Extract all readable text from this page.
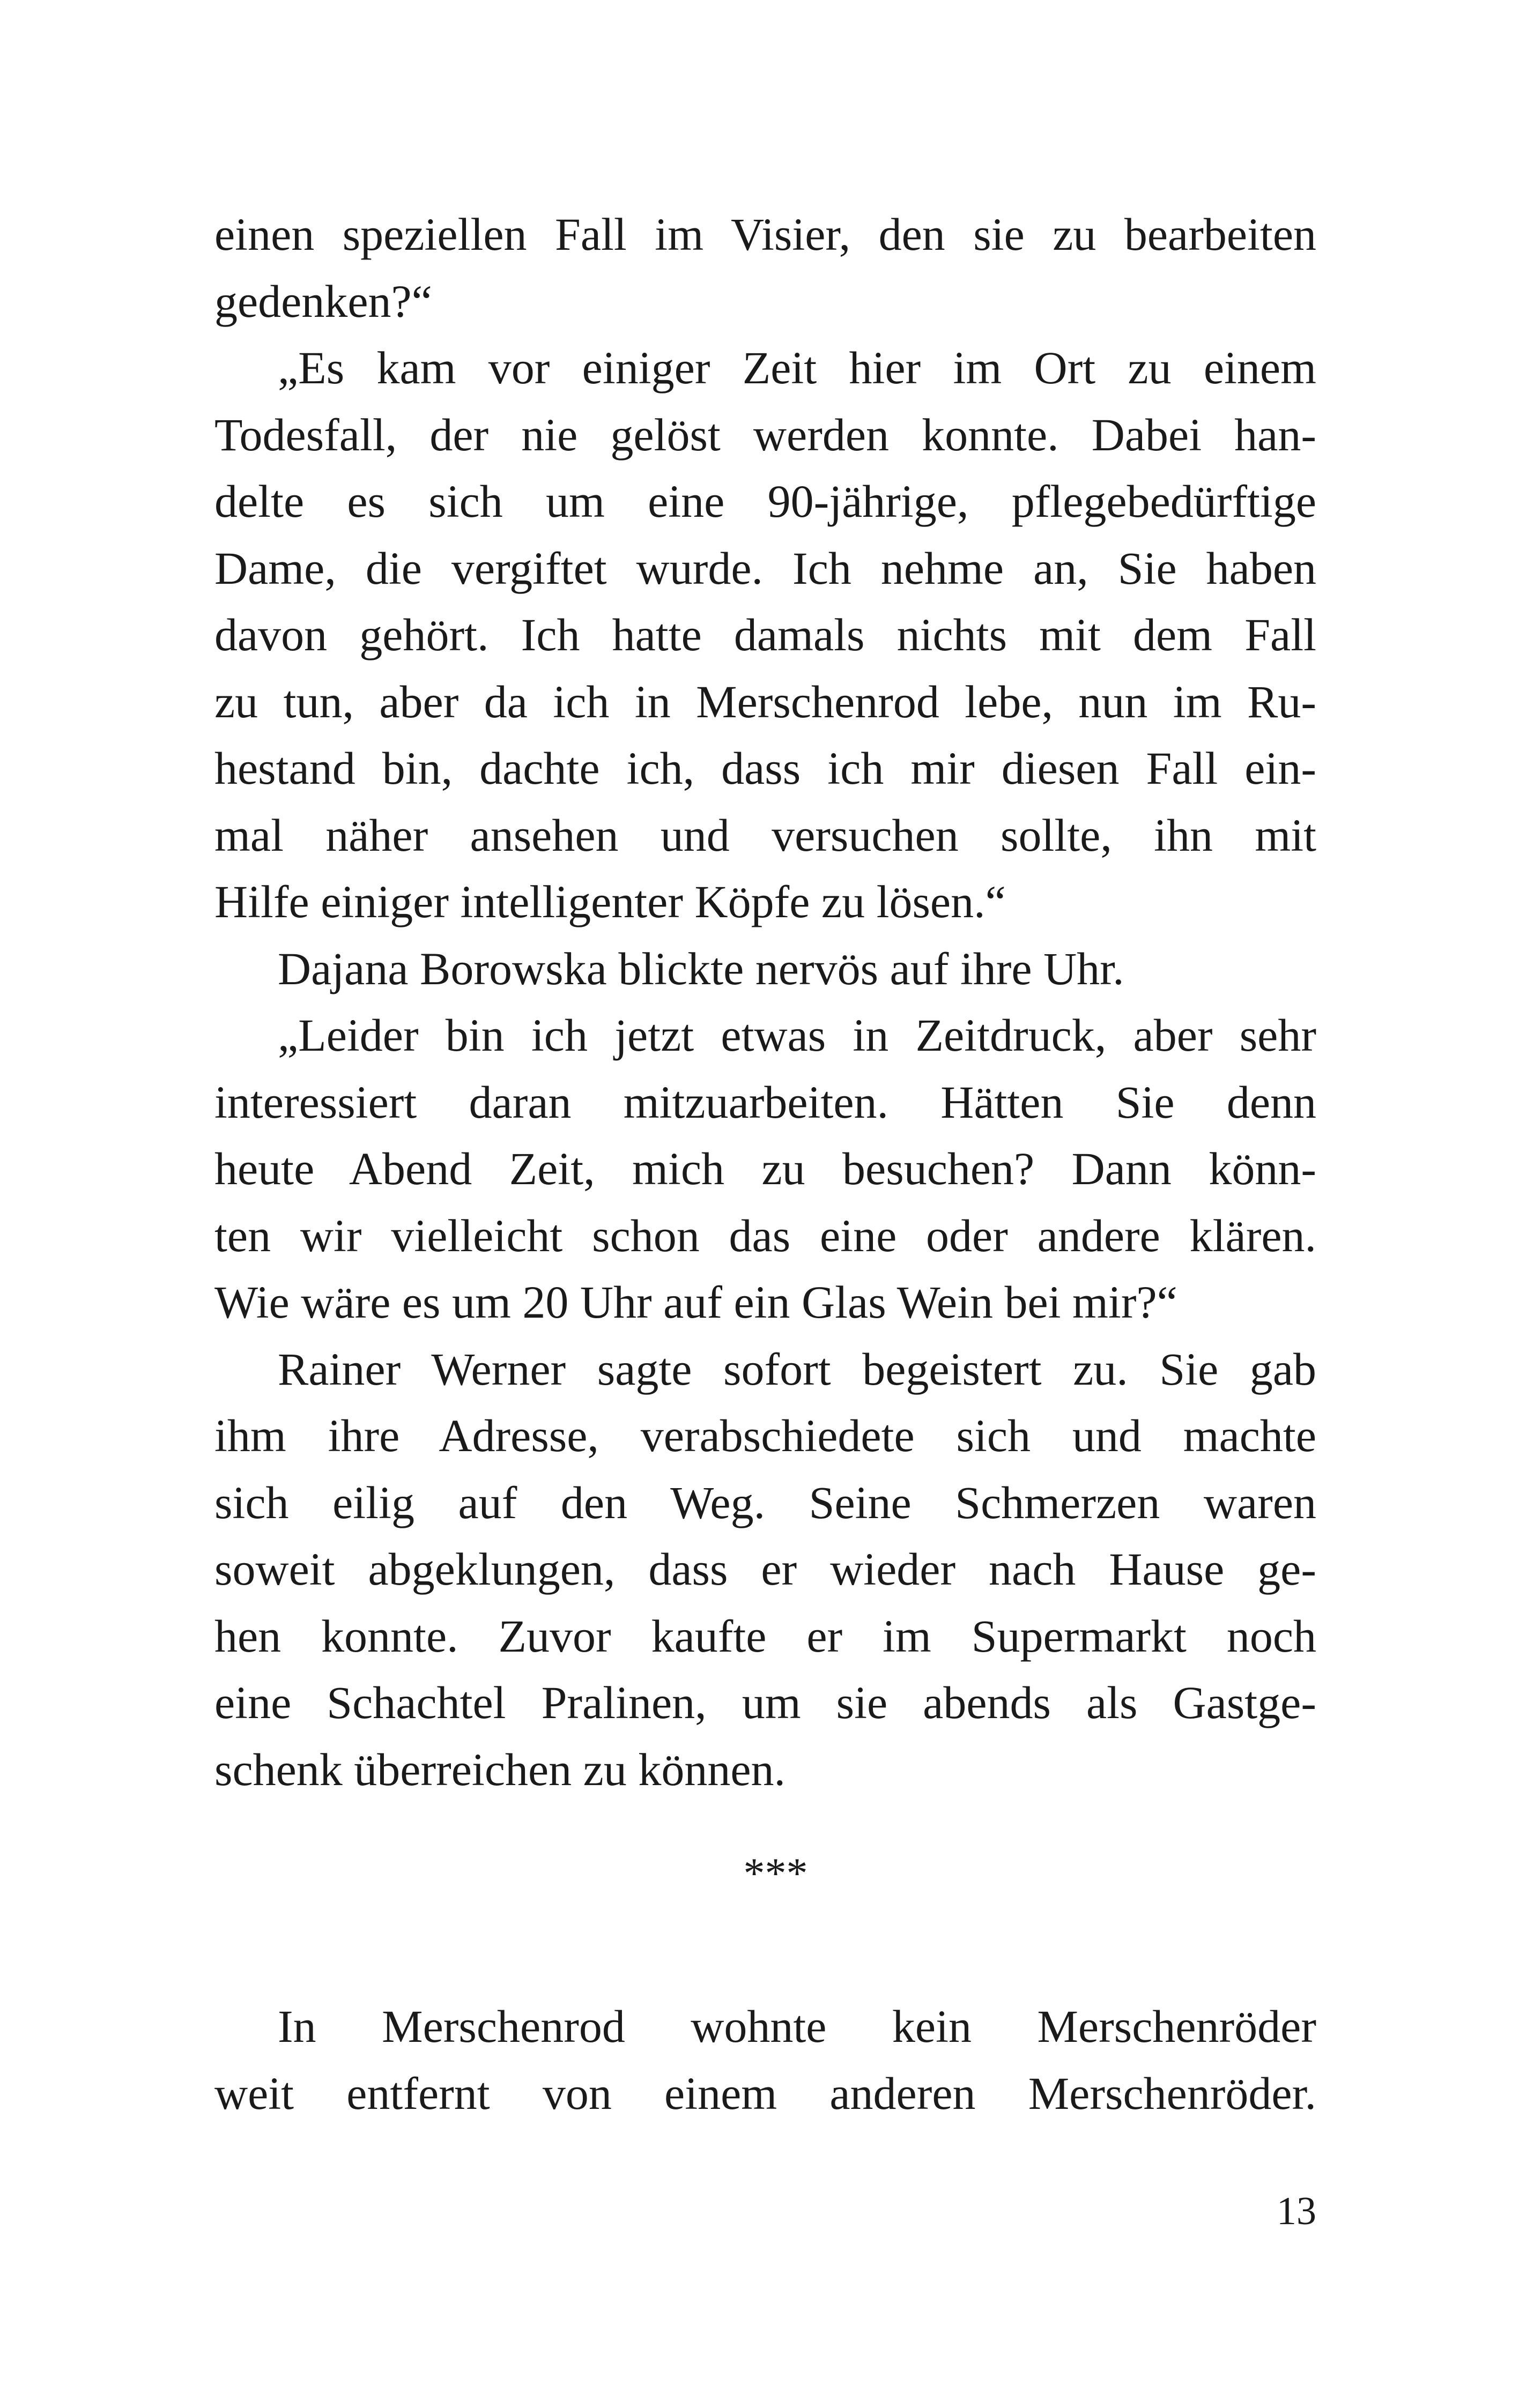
einen speziellen Fall im Visier, den sie zu bearbeiten
gedenken?“
„Es kam vor einiger Zeit hier im Ort zu einem
Todesfall, der nie gelöst werden konnte. Dabei han-
delte es sich um eine 90-jährige, pflegebedürftige
Dame, die vergiftet wurde. Ich nehme an, Sie haben
davon gehört. Ich hatte damals nichts mit dem Fall
zu tun, aber da ich in Merschenrod lebe, nun im Ru-
hestand bin, dachte ich, dass ich mir diesen Fall ein-
mal näher ansehen und versuchen sollte, ihn mit
Hilfe einiger intelligenter Köpfe zu lösen.“
Dajana Borowska blickte nervös auf ihre Uhr.
„Leider bin ich jetzt etwas in Zeitdruck, aber sehr
interessiert daran mitzuarbeiten. Hätten Sie denn
heute Abend Zeit, mich zu besuchen? Dann könn-
ten wir vielleicht schon das eine oder andere klären.
Wie wäre es um 20 Uhr auf ein Glas Wein bei mir?“
Rainer Werner sagte sofort begeistert zu. Sie gab
ihm ihre Adresse, verabschiedete sich und machte
sich eilig auf den Weg. Seine Schmerzen waren
soweit abgeklungen, dass er wieder nach Hause ge-
hen konnte. Zuvor kaufte er im Supermarkt noch
eine Schachtel Pralinen, um sie abends als Gastge-
schenk überreichen zu können.
***
In Merschenrod wohnte kein Merschenröder
weit entfernt von einem anderen Merschenröder.
13
